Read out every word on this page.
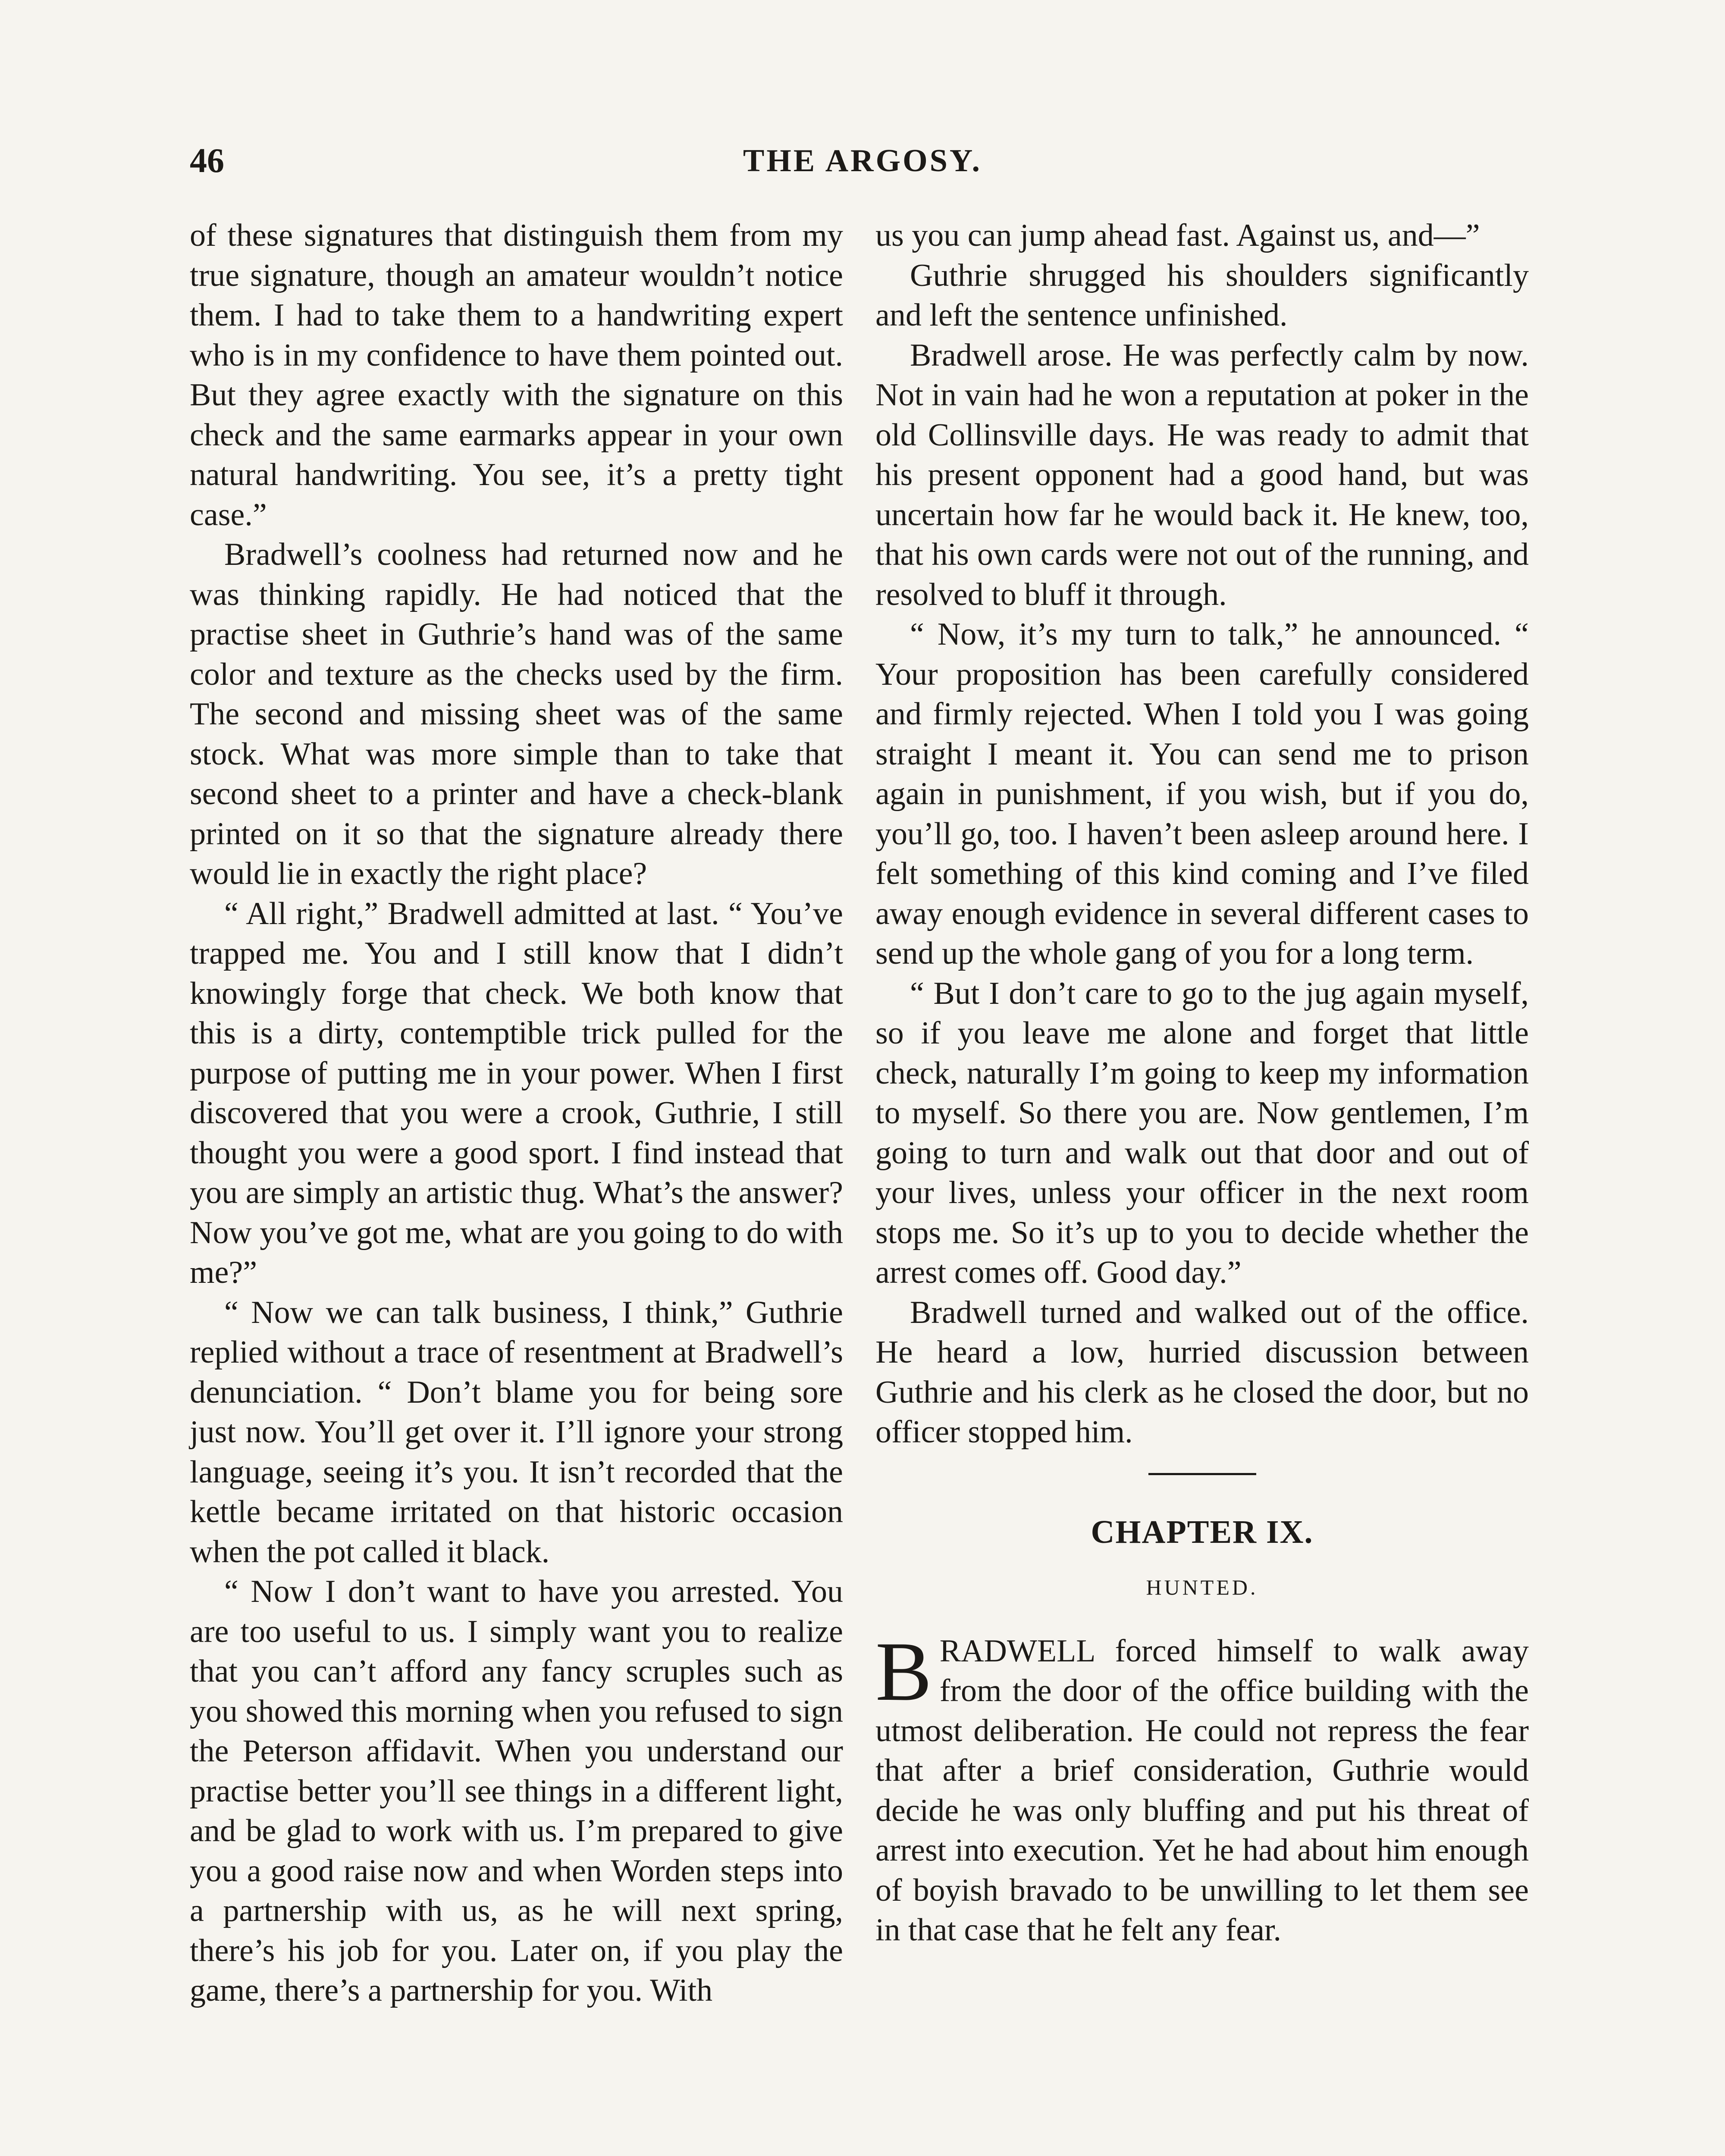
46	THE ARGOSY.

of these signatures that distinguish them from my true signature, though an amateur wouldn’t notice them. I had to take them to a handwriting expert who is in my confidence to have them pointed out. But they agree exactly with the signature on this check and the same earmarks appear in your own natural handwriting. You see, it’s a pretty tight case.”

Bradwell’s coolness had returned now and he was thinking rapidly. He had noticed that the practise sheet in Guthrie’s hand was of the same color and texture as the checks used by the firm. The second and missing sheet was of the same stock. What was more simple than to take that second sheet to a printer and have a check-blank printed on it so that the signature already there would lie in exactly the right place?

“ All right,” Bradwell admitted at last. “ You’ve trapped me. You and I still know that I didn’t knowingly forge that check. We both know that this is a dirty, contemptible trick pulled for the purpose of putting me in your power. When I first discovered that you were a crook, Guthrie, I still thought you were a good sport. I find instead that you are simply an artistic thug. What’s the answer? Now you’ve got me, what are you going to do with me?”

“ Now we can talk business, I think,” Guthrie replied without a trace of resentment at Bradwell’s denunciation. “ Don’t blame you for being sore just now. You’ll get over it. I’ll ignore your strong language, seeing it’s you. It isn’t recorded that the kettle became irritated on that historic occasion when the pot called it black.

“ Now I don’t want to have you arrested. You are too useful to us. I simply want you to realize that you can’t afford any fancy scruples such as you showed this morning when you refused to sign the Peterson affidavit. When you understand our practise better you’ll see things in a different light, and be glad to work with us. I’m prepared to give you a good raise now and when Worden steps into a partnership with us, as he will next spring, there’s his job for you. Later on, if you play the game, there’s a partnership for you. With

us you can jump ahead fast. Against us, and—”

Guthrie shrugged his shoulders significantly and left the sentence unfinished.

Bradwell arose. He was perfectly calm by now. Not in vain had he won a reputation at poker in the old Collinsville days. He was ready to admit that his present opponent had a good hand, but was uncertain how far he would back it. He knew, too, that his own cards were not out of the running, and resolved to bluff it through.

“ Now, it’s my turn to talk,” he announced. “ Your proposition has been carefully considered and firmly rejected. When I told you I was going straight I meant it. You can send me to prison again in punishment, if you wish, but if you do, you’ll go, too. I haven’t been asleep around here. I felt something of this kind coming and I’ve filed away enough evidence in several different cases to send up the whole gang of you for a long term.

“ But I don’t care to go to the jug again myself, so if you leave me alone and forget that little check, naturally I’m going to keep my information to myself. So there you are. Now gentlemen, I’m going to turn and walk out that door and out of your lives, unless your officer in the next room stops me. So it’s up to you to decide whether the arrest comes off. Good day.”

Bradwell turned and walked out of the office. He heard a low, hurried discussion between Guthrie and his clerk as he closed the door, but no officer stopped him.

CHAPTER IX.
HUNTED.

BRADWELL forced himself to walk away from the door of the office building with the utmost deliberation. He could not repress the fear that after a brief consideration, Guthrie would decide he was only bluffing and put his threat of arrest into execution. Yet he had about him enough of boyish bravado to be unwilling to let them see in that case that he felt any fear.
